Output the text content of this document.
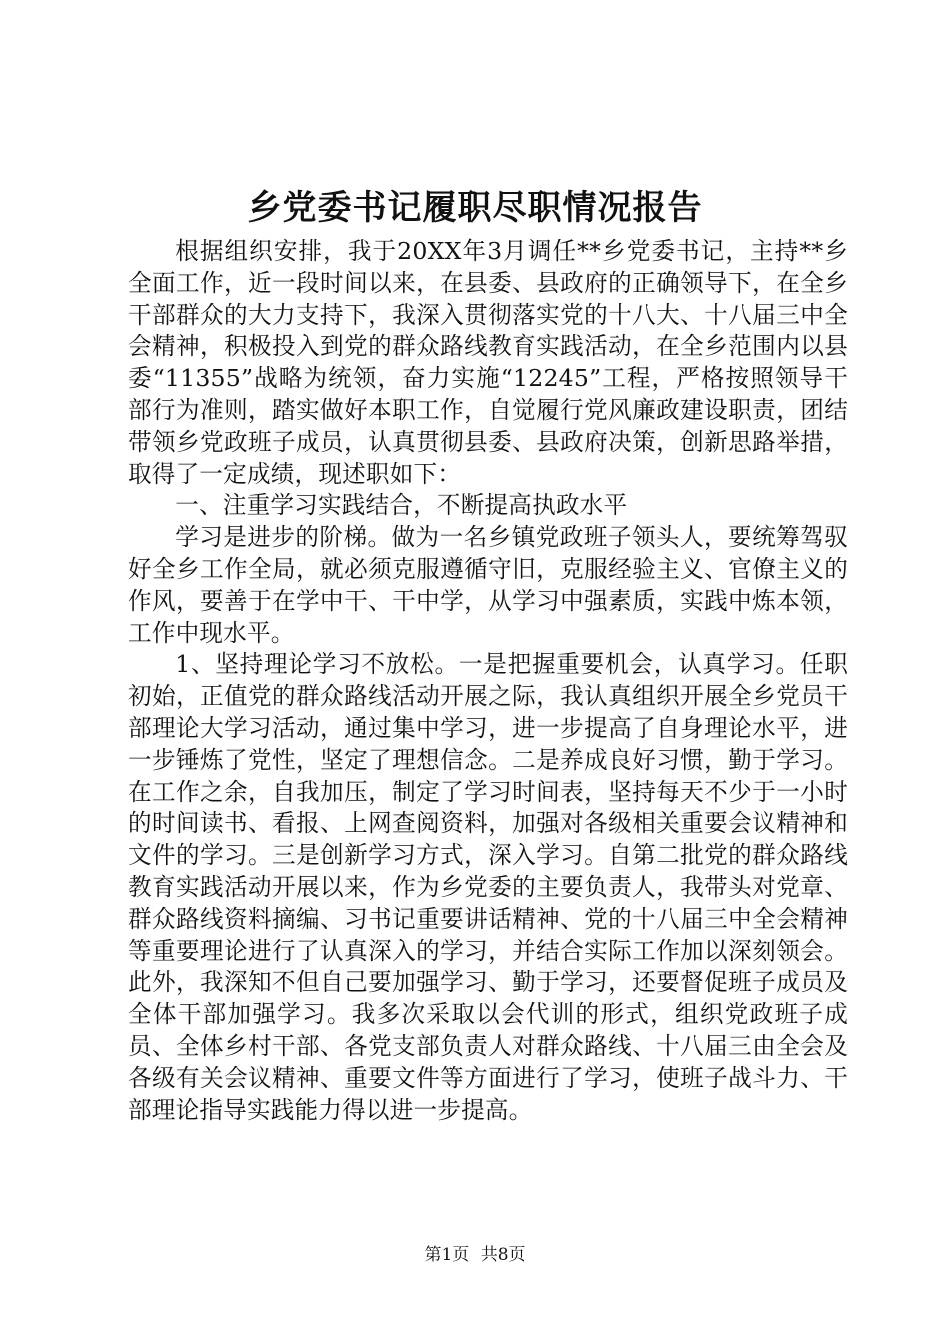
乡党委书记履职尽职情况报告

根据组织安排，我于20XX年3月调任**乡党委书记，主持**乡全面工作，近一段时间以来，在县委、县政府的正确领导下，在全乡干部群众的大力支持下，我深入贯彻落实党的十八大、十八届三中全会精神，积极投入到党的群众路线教育实践活动，在全乡范围内以县委“11355”战略为统领，奋力实施“12245”工程，严格按照领导干部行为准则，踏实做好本职工作，自觉履行党风廉政建设职责，团结带领乡党政班子成员，认真贯彻县委、县政府决策，创新思路举措，取得了一定成绩，现述职如下：

一、注重学习实践结合，不断提高执政水平

学习是进步的阶梯。做为一名乡镇党政班子领头人，要统筹驾驭好全乡工作全局，就必须克服遵循守旧，克服经验主义、官僚主义的作风，要善于在学中干、干中学，从学习中强素质，实践中炼本领，工作中现水平。

1、坚持理论学习不放松。一是把握重要机会，认真学习。任职初始，正值党的群众路线活动开展之际，我认真组织开展全乡党员干部理论大学习活动，通过集中学习，进一步提高了自身理论水平，进一步锤炼了党性，坚定了理想信念。二是养成良好习惯，勤于学习。在工作之余，自我加压，制定了学习时间表，坚持每天不少于一小时的时间读书、看报、上网查阅资料，加强对各级相关重要会议精神和文件的学习。三是创新学习方式，深入学习。自第二批党的群众路线教育实践活动开展以来，作为乡党委的主要负责人，我带头对党章、群众路线资料摘编、习书记重要讲话精神、党的十八届三中全会精神等重要理论进行了认真深入的学习，并结合实际工作加以深刻领会。此外，我深知不但自己要加强学习、勤于学习，还要督促班子成员及全体干部加强学习。我多次采取以会代训的形式，组织党政班子成员、全体乡村干部、各党支部负责人对群众路线、十八届三由全会及各级有关会议精神、重要文件等方面进行了学习，使班子战斗力、干部理论指导实践能力得以进一步提高。

第1页 共8页
